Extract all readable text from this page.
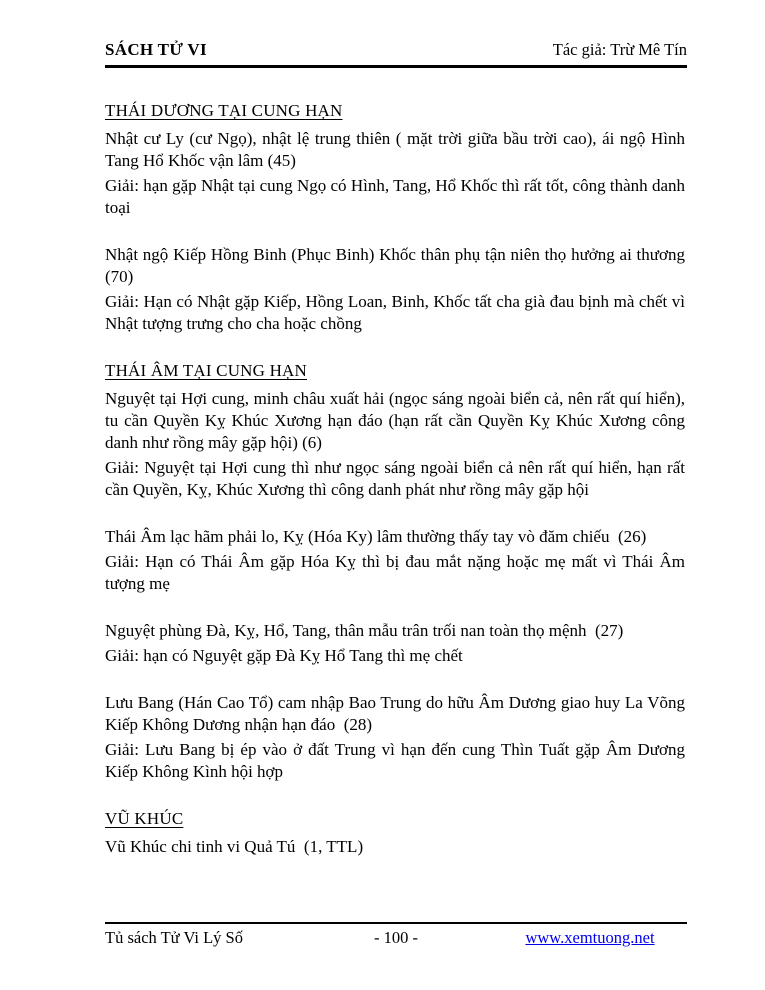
SÁCH TỬ VI	Tác giả: Trừ Mê Tín
THÁI DƯƠNG TẠI CUNG HẠN

Nhật cư Ly (cư Ngọ), nhật lệ trung thiên ( mặt trời giữa bầu trời cao), ái ngộ Hình Tang Hổ Khốc vận lâm (45)

Giải: hạn gặp Nhật tại cung Ngọ có Hình, Tang, Hổ Khốc thì rất tốt, công thành danh toại

Nhật ngộ Kiếp Hồng Binh (Phục Binh) Khốc thân phụ tận niên thọ hưởng ai thương  (70)

Giải: Hạn có Nhật gặp Kiếp, Hồng Loan, Binh, Khốc tất cha già đau bịnh mà chết vì Nhật tượng trưng cho cha hoặc chồng

THÁI ÂM TẠI CUNG HẠN

Nguyệt tại Hợi cung, minh châu xuất hải (ngọc sáng ngoài biển cả, nên rất quí hiển), tu cần Quyền Kỵ Khúc Xương hạn đáo (hạn rất cần Quyền Kỵ Khúc Xương công danh như rồng mây gặp hội) (6)

Giải: Nguyệt tại Hợi cung thì như ngọc sáng ngoài biển cả nên rất quí hiển, hạn rất cần Quyền, Kỵ, Khúc Xương thì công danh phát như rồng mây gặp hội

Thái Âm lạc hãm phải lo, Kỵ (Hóa Ky) lâm thường thấy tay vò đăm chiếu  (26)

Giải: Hạn có Thái Âm gặp Hóa Kỵ thì bị đau mắt nặng hoặc mẹ mất vì Thái Âm tượng mẹ

Nguyệt phùng Đà, Kỵ, Hổ, Tang, thân mẫu trân trối nan toàn thọ mệnh  (27)

Giải: hạn có Nguyệt gặp Đà Kỵ Hổ Tang thì mẹ chết

Lưu Bang (Hán Cao Tổ) cam nhập Bao Trung do hữu Âm Dương giao huy La Võng Kiếp Không Dương nhận hạn đáo  (28)

Giải: Lưu Bang bị ép vào ở đất Trung vì hạn đến cung Thìn Tuất gặp Âm Dương Kiếp Không Kình hội hợp

VŨ KHÚC

Vũ Khúc chi tinh vi Quả Tú  (1, TTL)

Tủ sách Tử Vi Lý Số	- 100 -	www.xemtuong.net
